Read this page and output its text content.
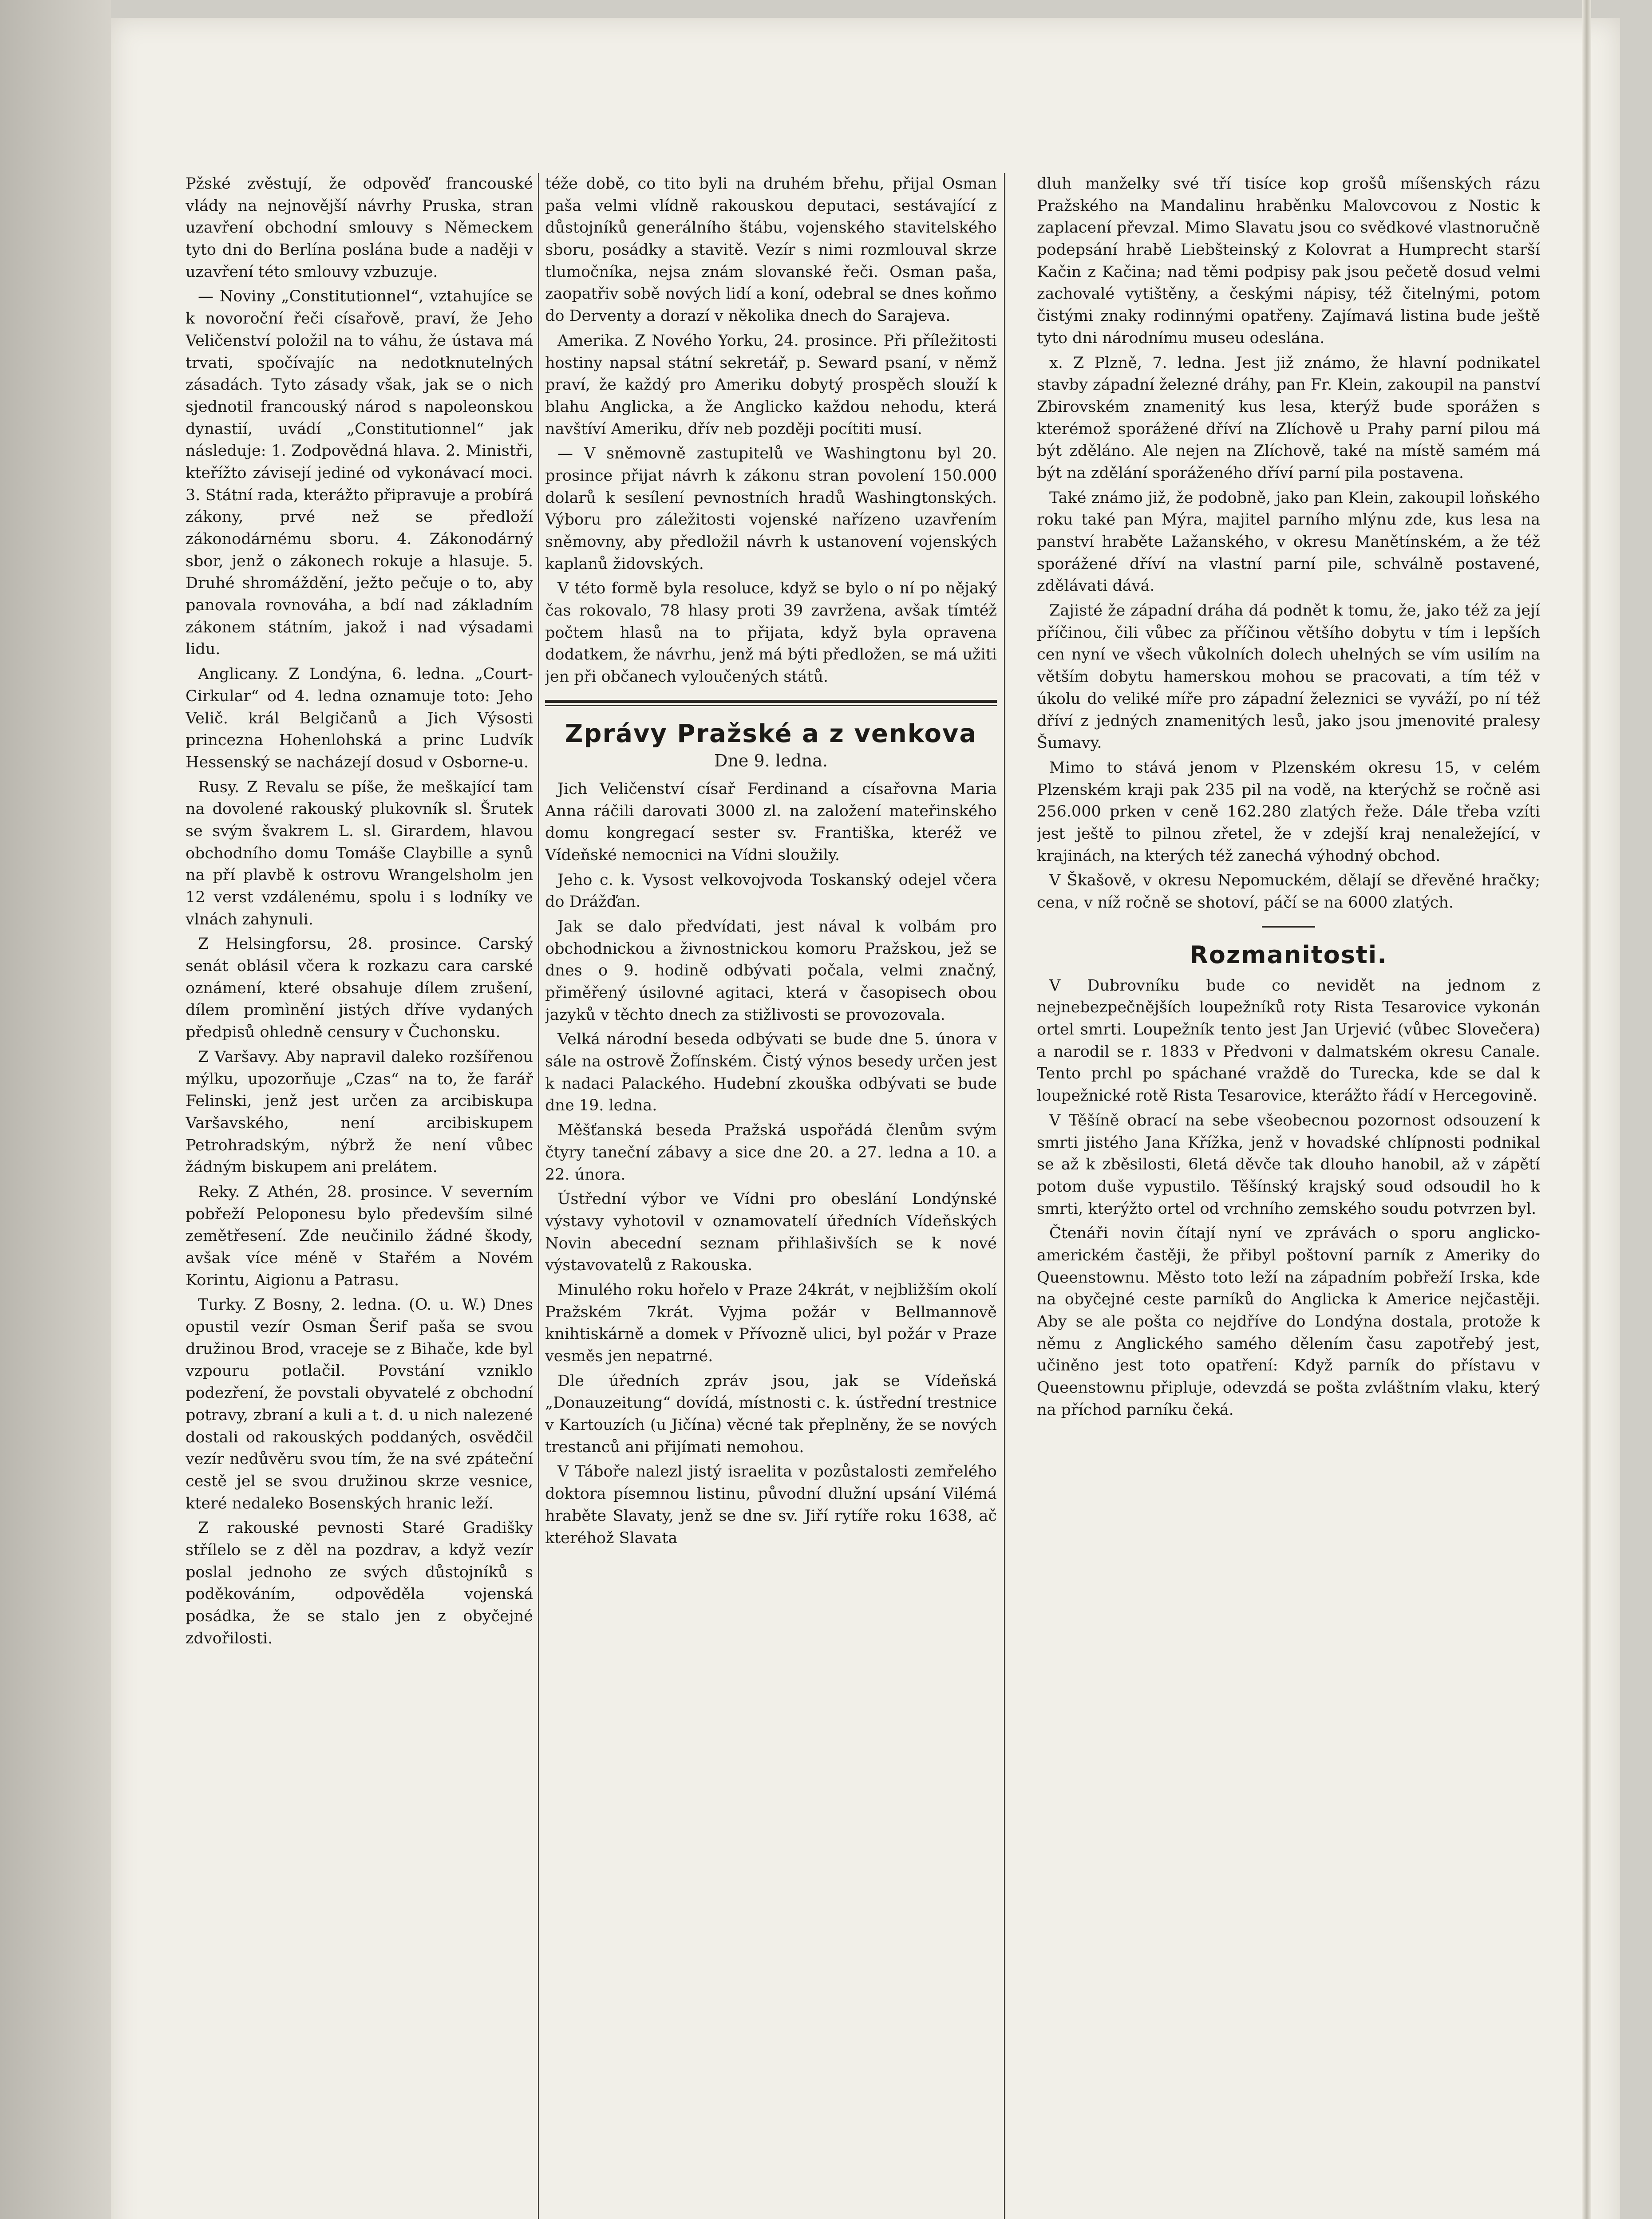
Pžské zvěstují, že odpověď francouské vlády na nejnovější návrhy Pruska, stran uzavření obchodní smlouvy s Německem tyto dni do Berlína poslána bude a naději v uzavření této smlouvy vzbuzuje.

— Noviny „Constitutionnel“, vztahujíce se k novoroční řeči císařově, praví, že Jeho Veličenství položil na to váhu, že ústava má trvati, spočívajíc na nedotknutelných zásadách. Tyto zásady však, jak se o nich sjednotil francouský národ s napoleonskou dynastií, uvádí „Constitutionnel“ jak následuje: 1. Zodpovědná hlava. 2. Ministři, kteřížto závisejí jediné od vykonávací moci. 3. Státní rada, kterážto připravuje a probírá zákony, prvé než se předloží zákonodárnému sboru. 4. Zákonodárný sbor, jenž o zákonech rokuje a hlasuje. 5. Druhé shromáždění, ježto pečuje o to, aby panovala rovnováha, a bdí nad základním zákonem státním, jakož i nad výsadami lidu.

Anglicany. Z Londýna, 6. ledna. „Court-Cirkular“ od 4. ledna oznamuje toto: Jeho Velič. král Belgičanů a Jich Výsosti princezna Hohenlohská a princ Ludvík Hessenský se nacházejí dosud v Osborne-u.

Rusy. Z Revalu se píše, že meškající tam na dovolené rakouský plukovník sl. Šrutek se svým švakrem L. sl. Girardem, hlavou obchodního domu Tomáše Claybille a synů na pří plavbě k ostrovu Wrangelsholm jen 12 verst vzdálenému, spolu i s lodníky ve vlnách zahynuli.

Z Helsingforsu, 28. prosince. Carský senát oblásil včera k rozkazu cara carské oznámení, které obsahuje dílem zrušení, dílem promìnění jistých dříve vydaných předpisů ohledně censury v Čuchonsku.

Z Varšavy. Aby napravil daleko rozšířenou mýlku, upozorňuje „Czas“ na to, že farář Felinski, jenž jest určen za arcibiskupa Varšavského, není arcibiskupem Petrohradským, nýbrž že není vůbec žádným biskupem ani prelátem.

Reky. Z Athén, 28. prosince. V severním pobřeží Peloponesu bylo především silné zemětřesení. Zde neučinilo žádné škody, avšak více méně v Stařém a Novém Korintu, Aigionu a Patrasu.

Turky. Z Bosny, 2. ledna. (O. u. W.) Dnes opustil vezír Osman Šerif paša se svou družinou Brod, vraceje se z Bihače, kde byl vzpouru potlačil. Povstání vzniklo podezření, že povstali obyvatelé z obchodní potravy, zbraní a kuli a t. d. u nich nalezené dostali od rakouských poddaných, osvědčil vezír nedůvěru svou tím, že na své zpáteční cestě jel se svou družinou skrze vesnice, které nedaleko Bosenských hranic leží.

Z rakouské pevnosti Staré Gradišky střílelo se z děl na pozdrav, a když vezír poslal jednoho ze svých důstojníků s poděkováním, odpověděla vojenská posádka, že se stalo jen z obyčejné zdvořilosti.

téže době, co tito byli na druhém břehu, přijal Osman paša velmi vlídně rakouskou deputaci, sestávající z důstojníků generálního štábu, vojenského stavitelského sboru, posádky a stavitě. Vezír s nimi rozmlouval skrze tlumočníka, nejsa znám slovanské řeči. Osman paša, zaopatřiv sobě nových lidí a koní, odebral se dnes koňmo do Derventy a dorazí v několika dnech do Sarajeva.

Amerika. Z Nového Yorku, 24. prosince. Při příležitosti hostiny napsal státní sekretář, p. Seward psaní, v němž praví, že každý pro Ameriku dobytý prospěch slouží k blahu Anglicka, a že Anglicko každou nehodu, která navštíví Ameriku, dřív neb později pocítiti musí.

— V sněmovně zastupitelů ve Washingtonu byl 20. prosince přijat návrh k zákonu stran povolení 150.000 dolarů k sesílení pevnostních hradů Washingtonských. Výboru pro záležitosti vojenské nařízeno uzavřením sněmovny, aby předložil návrh k ustanovení vojenských kaplanů židovských.

V této formě byla resoluce, když se bylo o ní po nějaký čas rokovalo, 78 hlasy proti 39 zavržena, avšak tímtéž počtem hlasů na to přijata, když byla opravena dodatkem, že návrhu, jenž má býti předložen, se má užiti jen při občanech vyloučených států.

Zprávy Pražské a z venkova
Dne 9. ledna.

Jich Veličenství císař Ferdinand a císařovna Maria Anna ráčili darovati 3000 zl. na založení mateřinského domu kongregací sester sv. Františka, kteréž ve Vídeňské nemocnici na Vídni sloužily.

Jeho c. k. Vysost velkovojvoda Toskanský odejel včera do Drážďan.

Jak se dalo předvídati, jest nával k volbám pro obchodnickou a živnostnickou komoru Pražskou, jež se dnes o 9. hodině odbývati počala, velmi značný, přiměřený úsilovné agitaci, která v časopisech obou jazyků v těchto dnech za stižlivosti se provozovala.

Velká národní beseda odbývati se bude dne 5. února v sále na ostrově Žofínském. Čistý výnos besedy určen jest k nadaci Palackého. Hudební zkouška odbývati se bude dne 19. ledna.

Měšťanská beseda Pražská uspořádá členům svým čtyry taneční zábavy a sice dne 20. a 27. ledna a 10. a 22. února.

Ústřední výbor ve Vídni pro obeslání Londýnské výstavy vyhotovil v oznamovatelí úředních Vídeňských Novin abecední seznam přihlašivších se k nové výstavovatelů z Rakouska.

Minulého roku hořelo v Praze 24krát, v nejbližším okolí Pražském 7krát. Vyjma požár v Bellmannově knihtiskárně a domek v Přívozně ulici, byl požár v Praze vesměs jen nepatrné.

Dle úředních zpráv jsou, jak se Vídeňská „Donauzeitung“ dovídá, místnosti c. k. ústřední trestnice v Kartouzích (u Jičína) věcné tak přeplněny, že se nových trestanců ani přijímati nemohou.

V Táboře nalezl jistý israelita v pozůstalosti zemřelého doktora písemnou listinu, původní dlužní upsání Vilémá hraběte Slavaty, jenž se dne sv. Jiří rytíře roku 1638, ač kteréhož Slavata

dluh manželky své tří tisíce kop grošů míšenských rázu Pražského na Mandalinu hraběnku Malovcovou z Nostic k zaplacení převzal. Mimo Slavatu jsou co svědkové vlastnoručně podepsání hrabě Liebšteinský z Kolovrat a Humprecht starší Kačin z Kačina; nad těmi podpisy pak jsou pečetě dosud velmi zachovalé vytištěny, a českými nápisy, též čitelnými, potom čistými znaky rodinnými opatřeny. Zajímavá listina bude ještě tyto dni národnímu museu odeslána.

x. Z Plzně, 7. ledna. Jest již známo, že hlavní podnikatel stavby západní železné dráhy, pan Fr. Klein, zakoupil na panství Zbirovském znamenitý kus lesa, kterýž bude sporážen s kterémož sporážené dříví na Zlíchově u Prahy parní pilou má být zděláno. Ale nejen na Zlíchově, také na místě samém má být na zdělání sporáženého dříví parní pila postavena.

Také známo již, že podobně, jako pan Klein, zakoupil loňského roku také pan Mýra, majitel parního mlýnu zde, kus lesa na panství hraběte Lažanského, v okresu Manětínském, a že též sporážené dříví na vlastní parní pile, schválně postavené, zdělávati dává.

Zajisté že západní dráha dá podnět k tomu, že, jako též za její příčinou, čili vůbec za příčinou většího dobytu v tím i lepších cen nyní ve všech vůkolních dolech uhelných se vím usilím na větším dobytu hamerskou mohou se pracovati, a tím též v úkolu do veliké míře pro západní železnici se vyváží, po ní též dříví z jedných znamenitých lesů, jako jsou jmenovité pralesy Šumavy.

Mimo to stává jenom v Plzenském okresu 15, v celém Plzenském kraji pak 235 pil na vodě, na kterýchž se ročně asi 256.000 prken v ceně 162.280 zlatých řeže. Dále třeba vzíti jest ještě to pilnou zřetel, že v zdejší kraj nenaležející, v krajinách, na kterých též zanechá výhodný obchod.

V Škašově, v okresu Nepomuckém, dělají se dřevěné hračky; cena, v níž ročně se shotoví, páčí se na 6000 zlatých.

Rozmanitosti.

V Dubrovníku bude co nevidět na jednom z nejnebezpečnějších loupežníků roty Rista Tesarovice vykonán ortel smrti. Loupežník tento jest Jan Urjević (vůbec Slovečera) a narodil se r. 1833 v Předvoni v dalmatském okresu Canale. Tento prchl po spáchané vraždě do Turecka, kde se dal k loupežnické rotě Rista Tesarovice, kterážto řádí v Hercegovině.

V Těšíně obrací na sebe všeobecnou pozornost odsouzení k smrti jistého Jana Křížka, jenž v hovadské chlípnosti podnikal se až k zběsilosti, 6letá děvče tak dlouho hanobil, až v zápětí potom duše vypustilo. Těšínský krajský soud odsoudil ho k smrti, kterýžto ortel od vrchního zemského soudu potvrzen byl.

Čtenáři novin čítají nyní ve zprávách o sporu anglicko-americkém častěji, že přibyl poštovní parník z Ameriky do Queenstownu. Město toto leží na západním pobřeží Irska, kde na obyčejné ceste parníků do Anglicka k Americe nejčastěji. Aby se ale pošta co nejdříve do Londýna dostala, protože k němu z Anglického samého dělením času zapotřebý jest, učiněno jest toto opatření: Když parník do přístavu v Queenstownu připluje, odevzdá se pošta zvláštním vlaku, který na příchod parníku čeká.
